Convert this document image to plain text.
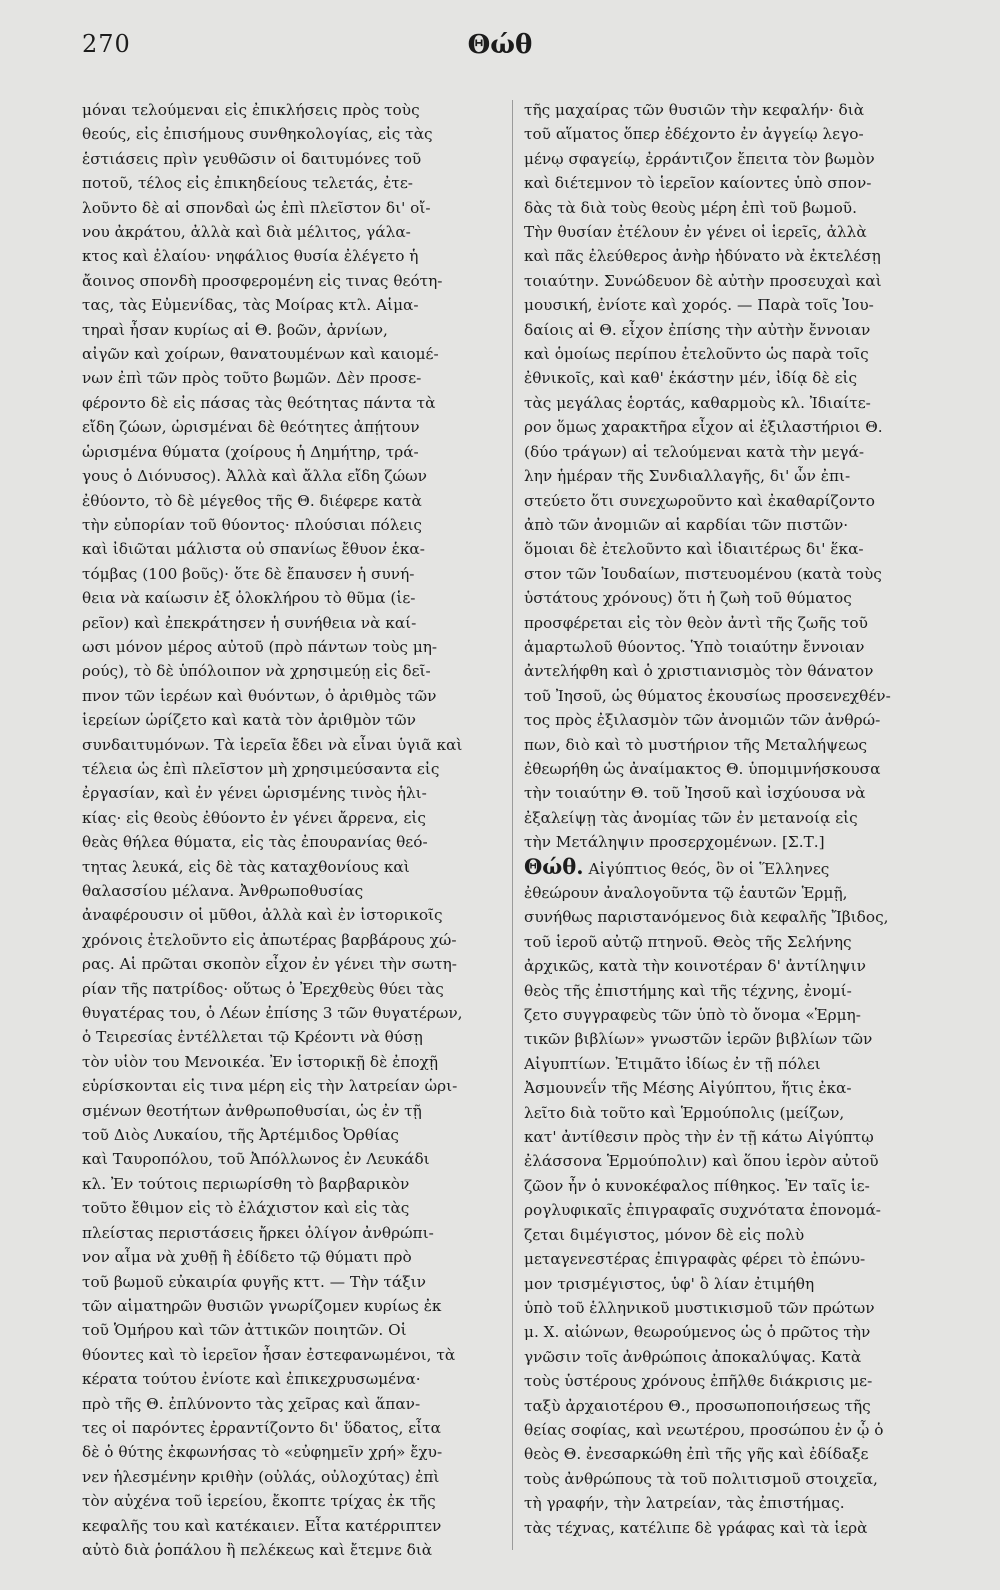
270	Θώθ
μόναι τελούμεναι εἰς ἐπικλήσεις πρὸς τοὺς
θεούς, εἰς ἐπισήμους συνθηκολογίας, εἰς τὰς
ἑστιάσεις πρὶν γευθῶσιν οἱ δαιτυμόνες τοῦ
ποτοῦ, τέλος εἰς ἐπικηδείους τελετάς, ἐτε-
λοῦντο δὲ αἱ σπονδαὶ ὡς ἐπὶ πλεῖστον δι' οἴ-
νου ἀκράτου, ἀλλὰ καὶ διὰ μέλιτος, γάλα-
κτος καὶ ἐλαίου· νηφάλιος θυσία ἐλέγετο ἡ
ἄοινος σπονδὴ προσφερομένη εἰς τινας θεότη-
τας, τὰς Εὐμενίδας, τὰς Μοίρας κτλ. Αἱμα-
τηραὶ ἦσαν κυρίως αἱ Θ. βοῶν, ἀρνίων,
αἰγῶν καὶ χοίρων, θανατουμένων καὶ καιομέ-
νων ἐπὶ τῶν πρὸς τοῦτο βωμῶν. Δὲν προσε-
φέροντο δὲ εἰς πάσας τὰς θεότητας πάντα τὰ
εἴδη ζώων, ὡρισμέναι δὲ θεότητες ἀπῄτουν
ὡρισμένα θύματα (χοίρους ἡ Δημήτηρ, τρά-
γους ὁ Διόνυσος). Ἀλλὰ καὶ ἄλλα εἴδη ζώων
ἐθύοντο, τὸ δὲ μέγεθος τῆς Θ. διέφερε κατὰ
τὴν εὐπορίαν τοῦ θύοντος· πλούσιαι πόλεις
καὶ ἰδιῶται μάλιστα οὐ σπανίως ἔθυον ἑκα-
τόμβας (100 βοῦς)· ὅτε δὲ ἔπαυσεν ἡ συνή-
θεια νὰ καίωσιν ἐξ ὁλοκλήρου τὸ θῦμα (ἱε-
ρεῖον) καὶ ἐπεκράτησεν ἡ συνήθεια νὰ καί-
ωσι μόνον μέρος αὐτοῦ (πρὸ πάντων τοὺς μη-
ρούς), τὸ δὲ ὑπόλοιπον νὰ χρησιμεύῃ εἰς δεῖ-
πνον τῶν ἱερέων καὶ θυόντων, ὁ ἀριθμὸς τῶν
ἱερείων ὡρίζετο καὶ κατὰ τὸν ἀριθμὸν τῶν
συνδαιτυμόνων. Τὰ ἱερεῖα ἔδει νὰ εἶναι ὑγιᾶ καὶ
τέλεια ὡς ἐπὶ πλεῖστον μὴ χρησιμεύσαντα εἰς
ἐργασίαν, καὶ ἐν γένει ὡρισμένης τινὸς ἡλι-
κίας· εἰς θεοὺς ἐθύοντο ἐν γένει ἄρρενα, εἰς
θεὰς θήλεα θύματα, εἰς τὰς ἐπουρανίας θεό-
τητας λευκά, εἰς δὲ τὰς καταχθονίους καὶ
θαλασσίου μέλανα. Ἀνθρωποθυσίας
ἀναφέρουσιν οἱ μῦθοι, ἀλλὰ καὶ ἐν ἱστορικοῖς
χρόνοις ἐτελοῦντο εἰς ἀπωτέρας βαρβάρους χώ-
ρας. Αἱ πρῶται σκοπὸν εἶχον ἐν γένει τὴν σωτη-
ρίαν τῆς πατρίδος· οὕτως ὁ Ἐρεχθεὺς θύει τὰς
θυγατέρας του, ὁ Λέων ἐπίσης 3 τῶν θυγατέρων,
ὁ Τειρεσίας ἐντέλλεται τῷ Κρέοντι νὰ θύσῃ
τὸν υἱὸν του Μενοικέα. Ἐν ἱστορικῇ δὲ ἐποχῇ
εὑρίσκονται εἰς τινα μέρη εἰς τὴν λατρείαν ὡρι-
σμένων θεοτήτων ἀνθρωποθυσίαι, ὡς ἐν τῇ
τοῦ Διὸς Λυκαίου, τῆς Ἀρτέμιδος Ὀρθίας
καὶ Ταυροπόλου, τοῦ Ἀπόλλωνος ἐν Λευκάδι
κλ. Ἐν τούτοις περιωρίσθη τὸ βαρβαρικὸν
τοῦτο ἔθιμον εἰς τὸ ἐλάχιστον καὶ εἰς τὰς
πλείστας περιστάσεις ἤρκει ὀλίγον ἀνθρώπι-
νον αἷμα νὰ χυθῇ ἢ ἐδίδετο τῷ θύματι πρὸ
τοῦ βωμοῦ εὐκαιρία φυγῆς κττ. — Τὴν τάξιν
τῶν αἱματηρῶν θυσιῶν γνωρίζομεν κυρίως ἐκ
τοῦ Ὁμήρου καὶ τῶν ἀττικῶν ποιητῶν. Οἱ
θύοντες καὶ τὸ ἱερεῖον ἦσαν ἐστεφανωμένοι, τὰ
κέρατα τούτου ἐνίοτε καὶ ἐπικεχρυσωμένα·
πρὸ τῆς Θ. ἐπλύνοντο τὰς χεῖρας καὶ ἅπαν-
τες οἱ παρόντες ἐρραντίζοντο δι' ὕδατος, εἶτα
δὲ ὁ θύτης ἐκφωνήσας τὸ «εὐφημεῖν χρή» ἔχυ-
νεν ἡλεσμένην κριθὴν (οὐλάς, οὐλοχύτας) ἐπὶ
τὸν αὐχένα τοῦ ἱερείου, ἔκοπτε τρίχας ἐκ τῆς
κεφαλῆς του καὶ κατέκαιεν. Εἶτα κατέρριπτεν
αὐτὸ διὰ ῥοπάλου ἢ πελέκεως καὶ ἔτεμνε διὰ
τῆς μαχαίρας τῶν θυσιῶν τὴν κεφαλήν· διὰ
τοῦ αἵματος ὅπερ ἐδέχοντο ἐν ἀγγείῳ λεγο-
μένῳ σφαγείῳ, ἐρράντιζον ἔπειτα τὸν βωμὸν
καὶ διέτεμνον τὸ ἱερεῖον καίοντες ὑπὸ σπον-
δὰς τὰ διὰ τοὺς θεοὺς μέρη ἐπὶ τοῦ βωμοῦ.
Τὴν θυσίαν ἐτέλουν ἐν γένει οἱ ἱερεῖς, ἀλλὰ
καὶ πᾶς ἐλεύθερος ἀνὴρ ἠδύνατο νὰ ἐκτελέσῃ
τοιαύτην. Συνώδευον δὲ αὐτὴν προσευχαὶ καὶ
μουσική, ἐνίοτε καὶ χορός. — Παρὰ τοῖς Ἰου-
δαίοις αἱ Θ. εἶχον ἐπίσης τὴν αὐτὴν ἔννοιαν
καὶ ὁμοίως περίπου ἐτελοῦντο ὡς παρὰ τοῖς
ἐθνικοῖς, καὶ καθ' ἑκάστην μέν, ἰδίᾳ δὲ εἰς
τὰς μεγάλας ἑορτάς, καθαρμοὺς κλ. Ἰδιαίτε-
ρον ὅμως χαρακτῆρα εἶχον αἱ ἐξιλαστήριοι Θ.
(δύο τράγων) αἱ τελούμεναι κατὰ τὴν μεγά-
λην ἡμέραν τῆς Συνδιαλλαγῆς, δι' ὧν ἐπι-
στεύετο ὅτι συνεχωροῦντο καὶ ἐκαθαρίζοντο
ἀπὸ τῶν ἀνομιῶν αἱ καρδίαι τῶν πιστῶν·
ὅμοιαι δὲ ἐτελοῦντο καὶ ἰδιαιτέρως δι' ἕκα-
στον τῶν Ἰουδαίων, πιστευομένου (κατὰ τοὺς
ὑστάτους χρόνους) ὅτι ἡ ζωὴ τοῦ θύματος
προσφέρεται εἰς τὸν θεὸν ἀντὶ τῆς ζωῆς τοῦ
ἁμαρτωλοῦ θύοντος. Ὑπὸ τοιαύτην ἔννοιαν
ἀντελήφθη καὶ ὁ χριστιανισμὸς τὸν θάνατον
τοῦ Ἰησοῦ, ὡς θύματος ἑκουσίως προσενεχθέν-
τος πρὸς ἐξιλασμὸν τῶν ἀνομιῶν τῶν ἀνθρώ-
πων, διὸ καὶ τὸ μυστήριον τῆς Μεταλήψεως
ἐθεωρήθη ὡς ἀναίμακτος Θ. ὑπομιμνήσκουσα
τὴν τοιαύτην Θ. τοῦ Ἰησοῦ καὶ ἰσχύουσα νὰ
ἐξαλείψῃ τὰς ἀνομίας τῶν ἐν μετανοίᾳ εἰς
τὴν Μετάληψιν προσερχομένων. [Σ.Τ.]
Θώθ. Αἰγύπτιος θεός, ὃν οἱ Ἕλληνες
ἐθεώρουν ἀναλογοῦντα τῷ ἑαυτῶν Ἑρμῇ,
συνήθως παριστανόμενος διὰ κεφαλῆς Ἴβιδος,
τοῦ ἱεροῦ αὐτῷ πτηνοῦ. Θεὸς τῆς Σελήνης
ἀρχικῶς, κατὰ τὴν κοινοτέραν δ' ἀντίληψιν
θεὸς τῆς ἐπιστήμης καὶ τῆς τέχνης, ἐνομί-
ζετο συγγραφεὺς τῶν ὑπὸ τὸ ὄνομα «Ἑρμη-
τικῶν βιβλίων» γνωστῶν ἱερῶν βιβλίων τῶν
Αἰγυπτίων. Ἐτιμᾶτο ἰδίως ἐν τῇ πόλει
Ἀσμουνεΐν τῆς Μέσης Αἰγύπτου, ἥτις ἐκα-
λεῖτο διὰ τοῦτο καὶ Ἑρμούπολις (μείζων,
κατ' ἀντίθεσιν πρὸς τὴν ἐν τῇ κάτω Αἰγύπτῳ
ἐλάσσονα Ἑρμούπολιν) καὶ ὅπου ἱερὸν αὐτοῦ
ζῶον ἦν ὁ κυνοκέφαλος πίθηκος. Ἐν ταῖς ἱε-
ρογλυφικαῖς ἐπιγραφαῖς συχνότατα ἐπονομά-
ζεται διμέγιστος, μόνον δὲ εἰς πολὺ
μεταγενεστέρας ἐπιγραφὰς φέρει τὸ ἐπώνυ-
μον τρισμέγιστος, ὑφ' ὃ λίαν ἐτιμήθη
ὑπὸ τοῦ ἑλληνικοῦ μυστικισμοῦ τῶν πρώτων
μ. Χ. αἰώνων, θεωρούμενος ὡς ὁ πρῶτος τὴν
γνῶσιν τοῖς ἀνθρώποις ἀποκαλύψας. Κατὰ
τοὺς ὑστέρους χρόνους ἐπῆλθε διάκρισις με-
ταξὺ ἀρχαιοτέρου Θ., προσωποποιήσεως τῆς
θείας σοφίας, καὶ νεωτέρου, προσώπου ἐν ᾧ ὁ
θεὸς Θ. ἐνεσαρκώθη ἐπὶ τῆς γῆς καὶ ἐδίδαξε
τοὺς ἀνθρώπους τὰ τοῦ πολιτισμοῦ στοιχεῖα,
τὴ γραφήν, τὴν λατρείαν, τὰς ἐπιστήμας.
τὰς τέχνας, κατέλιπε δὲ γράφας καὶ τὰ ἱερὰ
